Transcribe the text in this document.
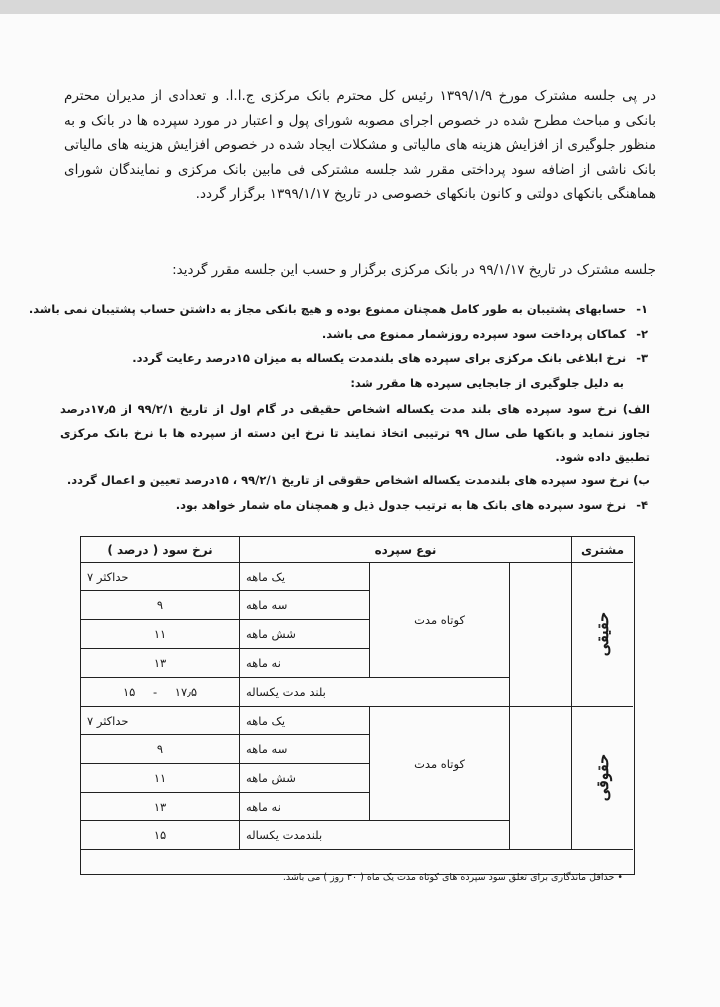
در پی جلسه مشترک مورخ ۱۳۹۹/۱/۹ رئیس کل محترم بانک مرکزی ج.ا.ا. و تعدادی از مدیران محترم بانکی و مباحث مطرح شده در خصوص اجرای مصوبه شورای پول و اعتبار در مورد سپرده ها در بانک و به منظور جلوگیری از افزایش هزینه های مالیاتی و مشکلات ایجاد شده در خصوص افزایش هزینه های مالیاتی بانک ناشی از اضافه سود پرداختی مقرر شد جلسه مشترکی فی مابین بانک مرکزی و نمایندگان شورای هماهنگی بانکهای دولتی و کانون بانکهای خصوصی در تاریخ ۱۳۹۹/۱/۱۷ برگزار گردد.

جلسه مشترک در تاریخ ۹۹/۱/۱۷ در بانک مرکزی برگزار و حسب این جلسه مقرر گردید:

۱-حسابهای پشتیبان به طور کامل همچنان ممنوع بوده و هیچ بانکی مجاز به داشتن حساب پشتیبان نمی باشد.
۲-کماکان پرداخت سود سپرده روزشمار ممنوع می باشد.
۳-نرخ ابلاغی بانک مرکزی برای سپرده های بلندمدت یکساله به میزان ۱۵درصد رعایت گردد.
به دلیل جلوگیری از جابجایی سپرده ها مقرر شد:
الف) نرخ سود سپرده های بلند مدت یکساله اشخاص حقیقی در گام اول از تاریخ ۹۹/۲/۱ از ۱۷٫۵درصد تجاوز ننماید و بانکها طی سال ۹۹ ترتیبی اتخاذ نمایند تا نرخ این دسته از سپرده ها با نرخ بانک مرکزی تطبیق داده شود.
ب) نرخ سود سپرده های بلندمدت یکساله اشخاص حقوقی از تاریخ ۹۹/۲/۱ ، ۱۵درصد تعیین و اعمال گردد.
۴-نرخ سود سپرده های بانک ها به ترتیب جدول ذیل و همچنان ماه شمار خواهد بود.
نرخ سود ( درصد )	نوع سپرده	مشتری
حداکثر ۷	یک ماهه
۹	سه ماهه
۱۱	شش ماهه
۱۳	نه ماهه
کوتاه مدت
۱۵ - ۱۷٫۵	بلند مدت یکساله
حقیقی
حداکثر ۷	یک ماهه
۹	سه ماهه
۱۱	شش ماهه
۱۳	نه ماهه
کوتاه مدت
۱۵	بلندمدت یکساله
حقوقی
• حداقل ماندگاری برای تعلق سود سپرده های کوتاه مدت یک ماه ( ۳۰ روز ) می باشد.
